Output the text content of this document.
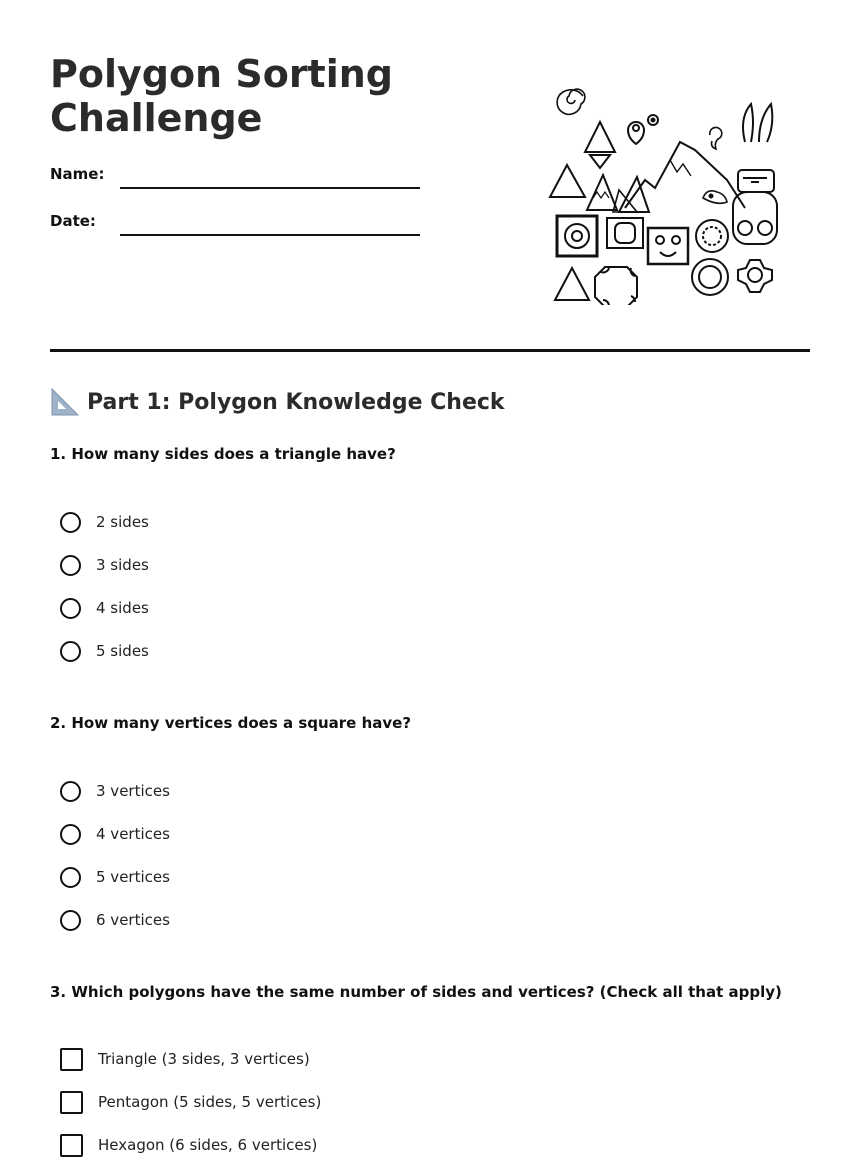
Polygon Sorting Challenge
Name:
Date:
Part 1: Polygon Knowledge Check

1. How many sides does a triangle have?

2 sides
3 sides
4 sides
5 sides

2. How many vertices does a square have?

3 vertices
4 vertices
5 vertices
6 vertices

3. Which polygons have the same number of sides and vertices? (Check all that apply)

Triangle (3 sides, 3 vertices)
Pentagon (5 sides, 5 vertices)
Hexagon (6 sides, 6 vertices)
